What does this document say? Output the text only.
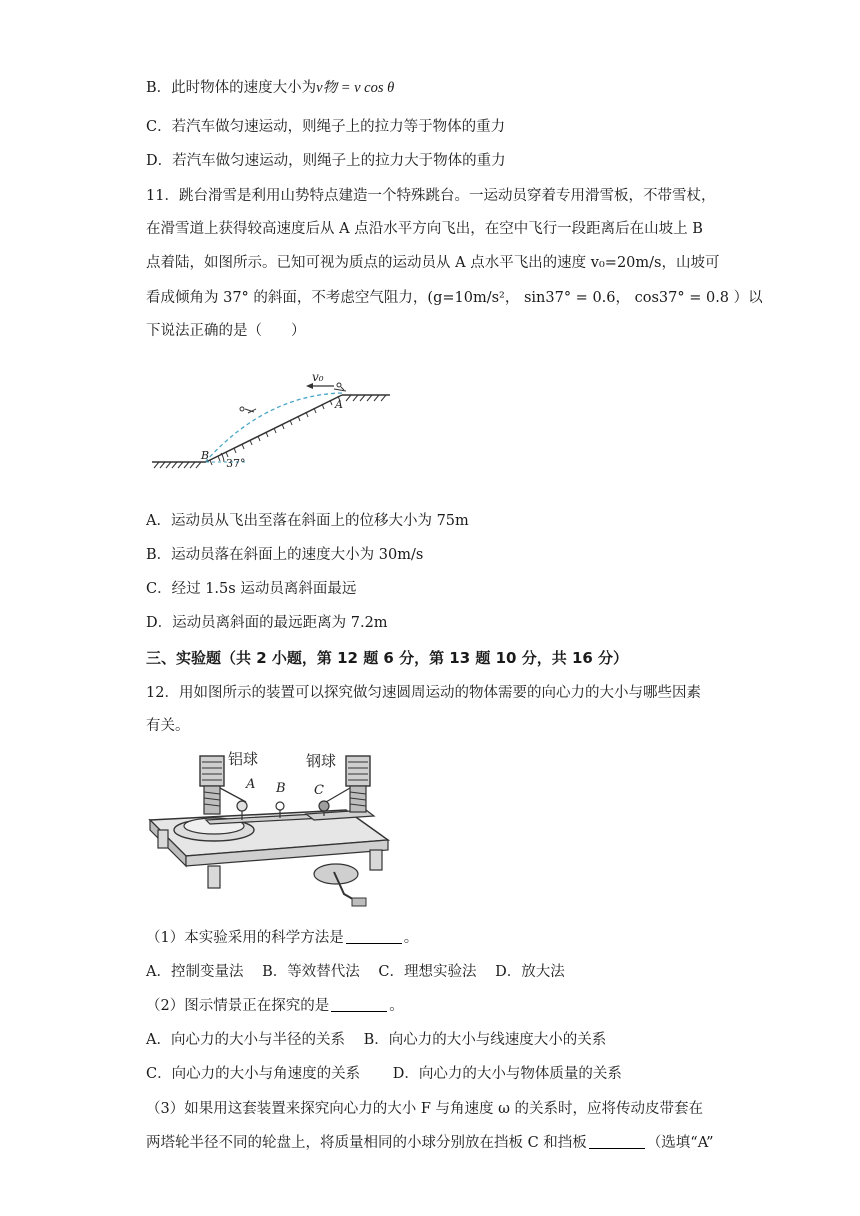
B．此时物体的速度大小为v物 = v cos θ
C．若汽车做匀速运动，则绳子上的拉力等于物体的重力
D．若汽车做匀速运动，则绳子上的拉力大于物体的重力
11．跳台滑雪是利用山势特点建造一个特殊跳台。一运动员穿着专用滑雪板，不带雪杖，
在滑雪道上获得较高速度后从 A 点沿水平方向飞出，在空中飞行一段距离后在山坡上 B
点着陆，如图所示。已知可视为质点的运动员从 A 点水平飞出的速度 v₀=20m/s，山坡可
看成倾角为 37° 的斜面，不考虑空气阻力，(g=10m/s²， sin37° = 0.6， cos37° = 0.8 ）以
下说法正确的是（　　）
v₀
A
B
37°
A．运动员从飞出至落在斜面上的位移大小为 75m
B．运动员落在斜面上的速度大小为 30m/s
C．经过 1.5s 运动员离斜面最远
D．运动员离斜面的最远距离为 7.2m
三、实验题（共 2 小题，第 12 题 6 分，第 13 题 10 分，共 16 分）
12．用如图所示的装置可以探究做匀速圆周运动的物体需要的向心力的大小与哪些因素
有关。
铝球	钢球
A B C
（1）本实验采用的科学方法是	。
A．控制变量法 B．等效替代法 C．理想实验法 D．放大法
（2）图示情景正在探究的是	。
A．向心力的大小与半径的关系 B．向心力的大小与线速度大小的关系
C．向心力的大小与角速度的关系 D．向心力的大小与物体质量的关系
（3）如果用这套装置来探究向心力的大小 F 与角速度 ω 的关系时，应将传动皮带套在
两塔轮半径不同的轮盘上，将质量相同的小球分别放在挡板 C 和挡板	（选填“A”
